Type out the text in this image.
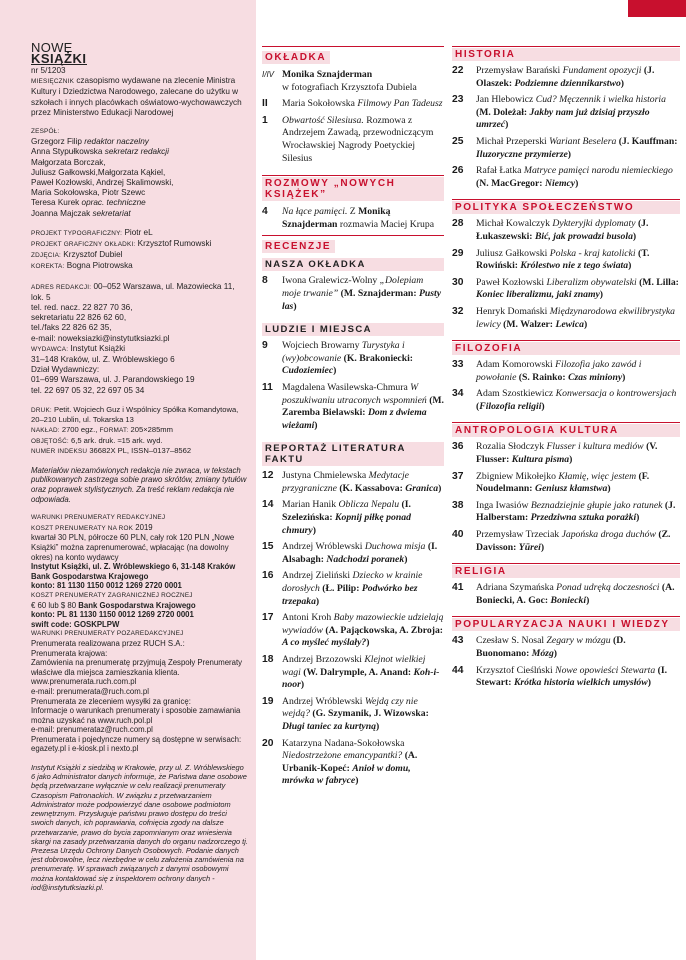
NOWE
KSIĄŻKI
nr 5/1203
MIESIĘCZNIK czasopismo wydawane na zlecenie Ministra Kultury i Dziedzictwa Narodowego, zalecane do użytku w szkołach i innych placówkach oświatowo-wychowawczych przez Ministerstwo Edukacji Narodowej
ZESPÓŁ:
Grzegorz Filip redaktor naczelny
Anna Stypułkowska sekretarz redakcji
Małgorzata Borczak,
Juliusz Gałkowski,Małgorzata Kąkiel,
Paweł Kozłowski, Andrzej Skalimowski,
Maria Sokołowska, Piotr Szewc
Teresa Kurek oprac. techniczne
Joanna Majczak sekretariat
PROJEKT TYPOGRAFICZNY: Piotr eL
PROJEKT GRAFICZNY OKŁADKI: Krzysztof Rumowski
ZDJĘCIA: Krzysztof Dubiel
KOREKTA: Bogna Piotrowska
ADRES REDAKCJI: 00–052 Warszawa, ul. Mazowiecka 11, lok. 5
tel. red. nacz. 22 827 70 36,
sekretariatu 22 826 62 60,
tel./faks 22 826 62 35,
e-mail: noweksiazki@instytutksiazki.pl
WYDAWCA: Instytut Książki
31–148 Kraków, ul. Z. Wróblewskiego 6
Dział Wydawniczy:
01–699 Warszawa, ul. J. Parandowskiego 19
tel. 22 697 05 32, 22 697 05 34
DRUK: Petit. Wojciech Guz i Wspólnicy Spółka Komandytowa, 20–210 Lublin, ul. Tokarska 13
NAKŁAD: 2700 egz., FORMAT: 205×285mm
OBJĘTOŚĆ: 6,5 ark. druk. ≈15 ark. wyd.
NUMER INDEKSU 36682X PL, ISSN–0137–8562
Materiałów niezamówionych redakcja nie zwraca, w tekstach publikowanych zastrzega sobie prawo skrótów, zmiany tytułów oraz poprawek stylistycznych. Za treść reklam redakcja nie odpowiada.
WARUNKI PRENUMERATY REDAKCYJNEJ
KOSZT PRENUMERATY NA ROK 2019
kwartał 30 PLN, półrocze 60 PLN, cały rok 120 PLN „Nowe Książki” można zaprenumerować, wpłacając (na dowolny okres) na konto wydawcy
Instytut Książki, ul. Z. Wróblewskiego 6, 31-148 Kraków Bank Gospodarstwa Krajowego
konto: 81 1130 1150 0012 1269 2720 0001
KOSZT PRENUMERATY ZAGRANICZNEJ ROCZNEJ
€ 60 lub $ 80 Bank Gospodarstwa Krajowego
konto: PL 81 1130 1150 0012 1269 2720 0001
swift code: GOSKPLPW
WARUNKI PRENUMERATY POZAREDAKCYJNEJ
Prenumerata realizowana przez RUCH S.A.:
Prenumerata krajowa:
Zamówienia na prenumeratę przyjmują Zespoły Prenumeraty właściwe dla miejsca zamieszkania klienta.
www.prenumerata.ruch.com.pl
e-mail: prenumerata@ruch.com.pl
Prenumerata ze zleceniem wysyłki za granicę:
Informacje o warunkach prenumeraty i sposobie zamawiania można uzyskać na www.ruch.pol.pl
e-mail: prenumerataz@ruch.com.pl
Prenumerata i pojedyncze numery są dostępne w serwisach: egazety.pl i e-kiosk.pl i nexto.pl
Instytut Książki z siedzibą w Krakowie, przy ul. Z. Wróblewskiego 6 jako Administrator danych informuje, że Państwa dane osobowe będą przetwarzane wyłącznie w celu realizacji prenumeraty Czasopism Patronackich. W związku z przetwarzaniem Administrator może podpowierzyć dane osobowe podmiotom zewnętrznym. Przysługuje państwu prawo dostępu do treści swoich danych, ich poprawiania, cofnięcia zgody na dalsze przetwarzanie, prawo do bycia zapomnianym oraz wniesienia skargi na zasady przetwarzania danych do organu nadzorczego tj. Prezesa Urzędu Ochrony Danych Osobowych. Podanie danych jest dobrowolne, lecz niezbędne w celu założenia zamówienia na prenumeratę. W sprawach związanych z danymi osobowymi można kontaktować się z inspektorem ochrony danych - iod@instytutksiazki.pl.
OKŁADKA
I/IV Monika Sznajderman
w fotografiach Krzysztofa Dubiela
II	Maria Sokołowska Filmowy Pan Tadeusz
1	Obwartość Silesiusa. Rozmowa z Andrzejem Zawadą, przewodniczącym Wrocławskiej Nagrody Poetyckiej Silesius
ROZMOWY „NOWYCH KSIĄŻEK”
4	Na łące pamięci. Z Moniką Sznajderman rozmawia Maciej Krupa
RECENZJE
NASZA OKŁADKA
8	Iwona Gralewicz-Wolny „Dolepiam moje trwanie” (M. Sznajderman: Pusty las)
LUDZIE I MIEJSCA
9	Wojciech Browarny Turystyka i (wy)obcowanie (K. Brakoniecki: Cudoziemiec)
11 Magdalena Wasilewska-Chmura W poszukiwaniu utraconych wspomnień (M. Zaremba Bielawski: Dom z dwiema wieżami)
REPORTAŻ LITERATURA FAKTU
12 Justyna Chmielewska Medytacje przygraniczne (K. Kassabova: Granica)
14 Marian Hanik Oblicza Nepalu (I. Szelezińska: Kopnij piłkę ponad chmury)
15 Andrzej Wróblewski Duchowa misja (I. Alsabagh: Nadchodzi poranek)
16 Andrzej Zieliński Dziecko w krainie dorosłych (Ł. Pilip: Podwórko bez trzepaka)
17 Antoni Kroh Baby mazowieckie udzielają wywiadów (A. Pająckowska, A. Zbroja: A co myśleć myślały?)
18 Andrzej Brzozowski Klejnot wielkiej wagi (W. Dalrymple, A. Anand: Koh-i-noor)
19 Andrzej Wróblewski Wejdą czy nie wejdą? (G. Szymanik, J. Wizowska: Długi taniec za kurtyną)
20 Katarzyna Nadana-Sokołowska Niedostrzeżone emancypantki? (A. Urbanik-Kopeć: Anioł w domu, mrówka w fabryce)
HISTORIA
22	Przemysław Barański Fundament opozycji (J. Olaszek: Podziemne dziennikarstwo)
23	Jan Hlebowicz Cud? Męczennik i wielka historia (M. Doleżał: Jakby nam już dzisiaj przyszło umrzeć)
25	Michał Przeperski Wariant Beselera (J. Kauffman: Iluzoryczne przymierze)
26	Rafał Łatka Matryce pamięci narodu niemieckiego (N. MacGregor: Niemcy)
POLITYKA SPOŁECZEŃSTWO
28	Michał Kowalczyk Dykteryjki dyplomaty (J. Łukaszewski: Bić, jak prowadzi busola)
29	Juliusz Gałkowski Polska - kraj katolicki (T. Rowiński: Królestwo nie z tego świata)
30	Paweł Kozłowski Liberalizm obywatelski (M. Lilla: Koniec liberalizmu, jaki znamy)
32	Henryk Domański Międzynarodowa ekwilibrystyka lewicy (M. Walzer: Lewica)
FILOZOFIA
33	Adam Komorowski Filozofia jako zawód i powołanie (S. Rainko: Czas miniony)
34	Adam Szostkiewicz Konwersacja o kontrowersjach (Filozofia religii)
ANTROPOLOGIA KULTURA
36	Rozalia Słodczyk Flusser i kultura mediów (V. Flusser: Kultura pisma)
37	Zbigniew Mikołejko Kłamię, więc jestem (F. Noudelmann: Geniusz kłamstwa)
38	Inga Iwasiów Beznadziejnie głupie jako ratunek (J. Halberstam: Przedziwna sztuka porażki)
40	Przemysław Trzeciak Japońska droga duchów (Z. Davisson: Yūrei)
RELIGIA
41	Adriana Szymańska Ponad udręką doczesności (A. Boniecki, A. Goc: Boniecki)
POPULARYZACJA NAUKI I WIEDZY
43	Czesław S. Nosal Zegary w mózgu (D. Buonomano: Mózg)
44	Krzysztof Cieślński Nowe opowieści Stewarta (I. Stewart: Krótka historia wielkich umysłów)
